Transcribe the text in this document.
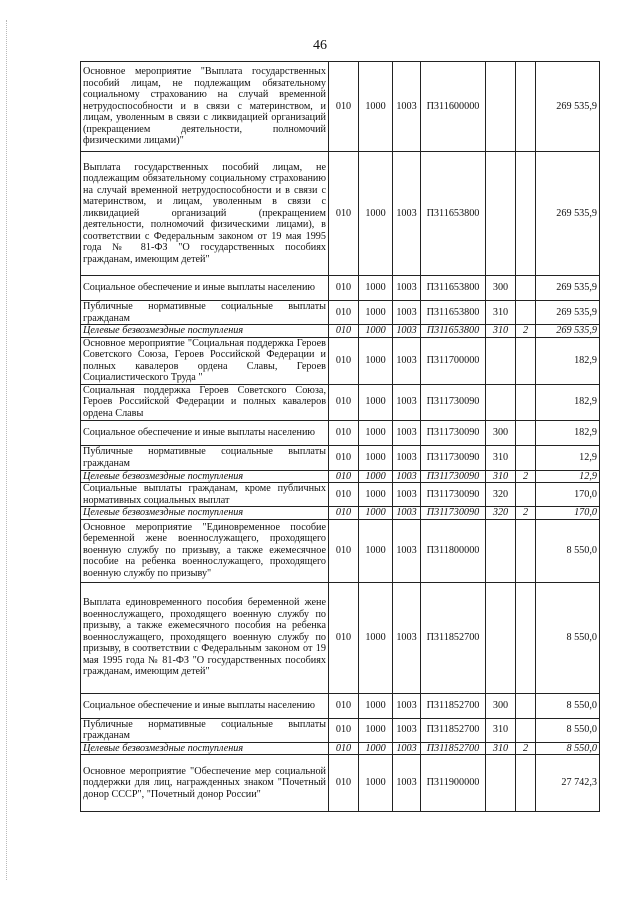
46
Основное мероприятие "Выплата государственных пособий лицам, не подлежащим обязательному социальному страхованию на случай временной нетрудоспособности и в связи с материнством, и лицам, уволенным в связи с ликвидацией организаций (прекращением деятельности, полномочий физическими лицами)"	010	1000	1003	П311600000			269 535,9
Выплата государственных пособий лицам, не подлежащим обязательному социальному страхованию на случай временной нетрудоспособности и в связи с материнством, и лицам, уволенным в связи с ликвидацией организаций (прекращением деятельности, полномочий физическими лицами), в соответствии с Федеральным законом от 19 мая 1995 года № 81-ФЗ "О государственных пособиях гражданам, имеющим детей"	010	1000	1003	П311653800			269 535,9
Социальное обеспечение и иные выплаты населению	010	1000	1003	П311653800	300		269 535,9
Публичные нормативные социальные выплаты гражданам	010	1000	1003	П311653800	310		269 535,9
Целевые безвозмездные поступления	010	1000	1003	П311653800	310	2	269 535,9
Основное мероприятие "Социальная поддержка Героев Советского Союза, Героев Российской Федерации и полных кавалеров ордена Славы, Героев Социалистического Труда "	010	1000	1003	П311700000			182,9
Социальная поддержка Героев Советского Союза, Героев Российской Федерации и полных кавалеров ордена Славы	010	1000	1003	П311730090			182,9
Социальное обеспечение и иные выплаты населению	010	1000	1003	П311730090	300		182,9
Публичные нормативные социальные выплаты гражданам	010	1000	1003	П311730090	310		12,9
Целевые безвозмездные поступления	010	1000	1003	П311730090	310	2	12,9
Социальные выплаты гражданам, кроме публичных нормативных социальных выплат	010	1000	1003	П311730090	320		170,0
Целевые безвозмездные поступления	010	1000	1003	П311730090	320	2	170,0
Основное мероприятие "Единовременное пособие беременной жене военнослужащего, проходящего военную службу по призыву, а также ежемесячное пособие на ребенка военнослужащего, проходящего военную службу по призыву"	010	1000	1003	П311800000			8 550,0
Выплата единовременного пособия беременной жене военнослужащего, проходящего военную службу по призыву, а также ежемесячного пособия на ребенка военнослужащего, проходящего военную службу по призыву, в соответствии с Федеральным законом от 19 мая 1995 года № 81-ФЗ "О государственных пособиях гражданам, имеющим детей"	010	1000	1003	П311852700			8 550,0
Социальное обеспечение и иные выплаты населению	010	1000	1003	П311852700	300		8 550,0
Публичные нормативные социальные выплаты гражданам	010	1000	1003	П311852700	310		8 550,0
Целевые безвозмездные поступления	010	1000	1003	П311852700	310	2	8 550,0
Основное мероприятие "Обеспечение мер социальной поддержки для лиц, награжденных знаком "Почетный донор СССР", "Почетный донор России"	010	1000	1003	П311900000			27 742,3
